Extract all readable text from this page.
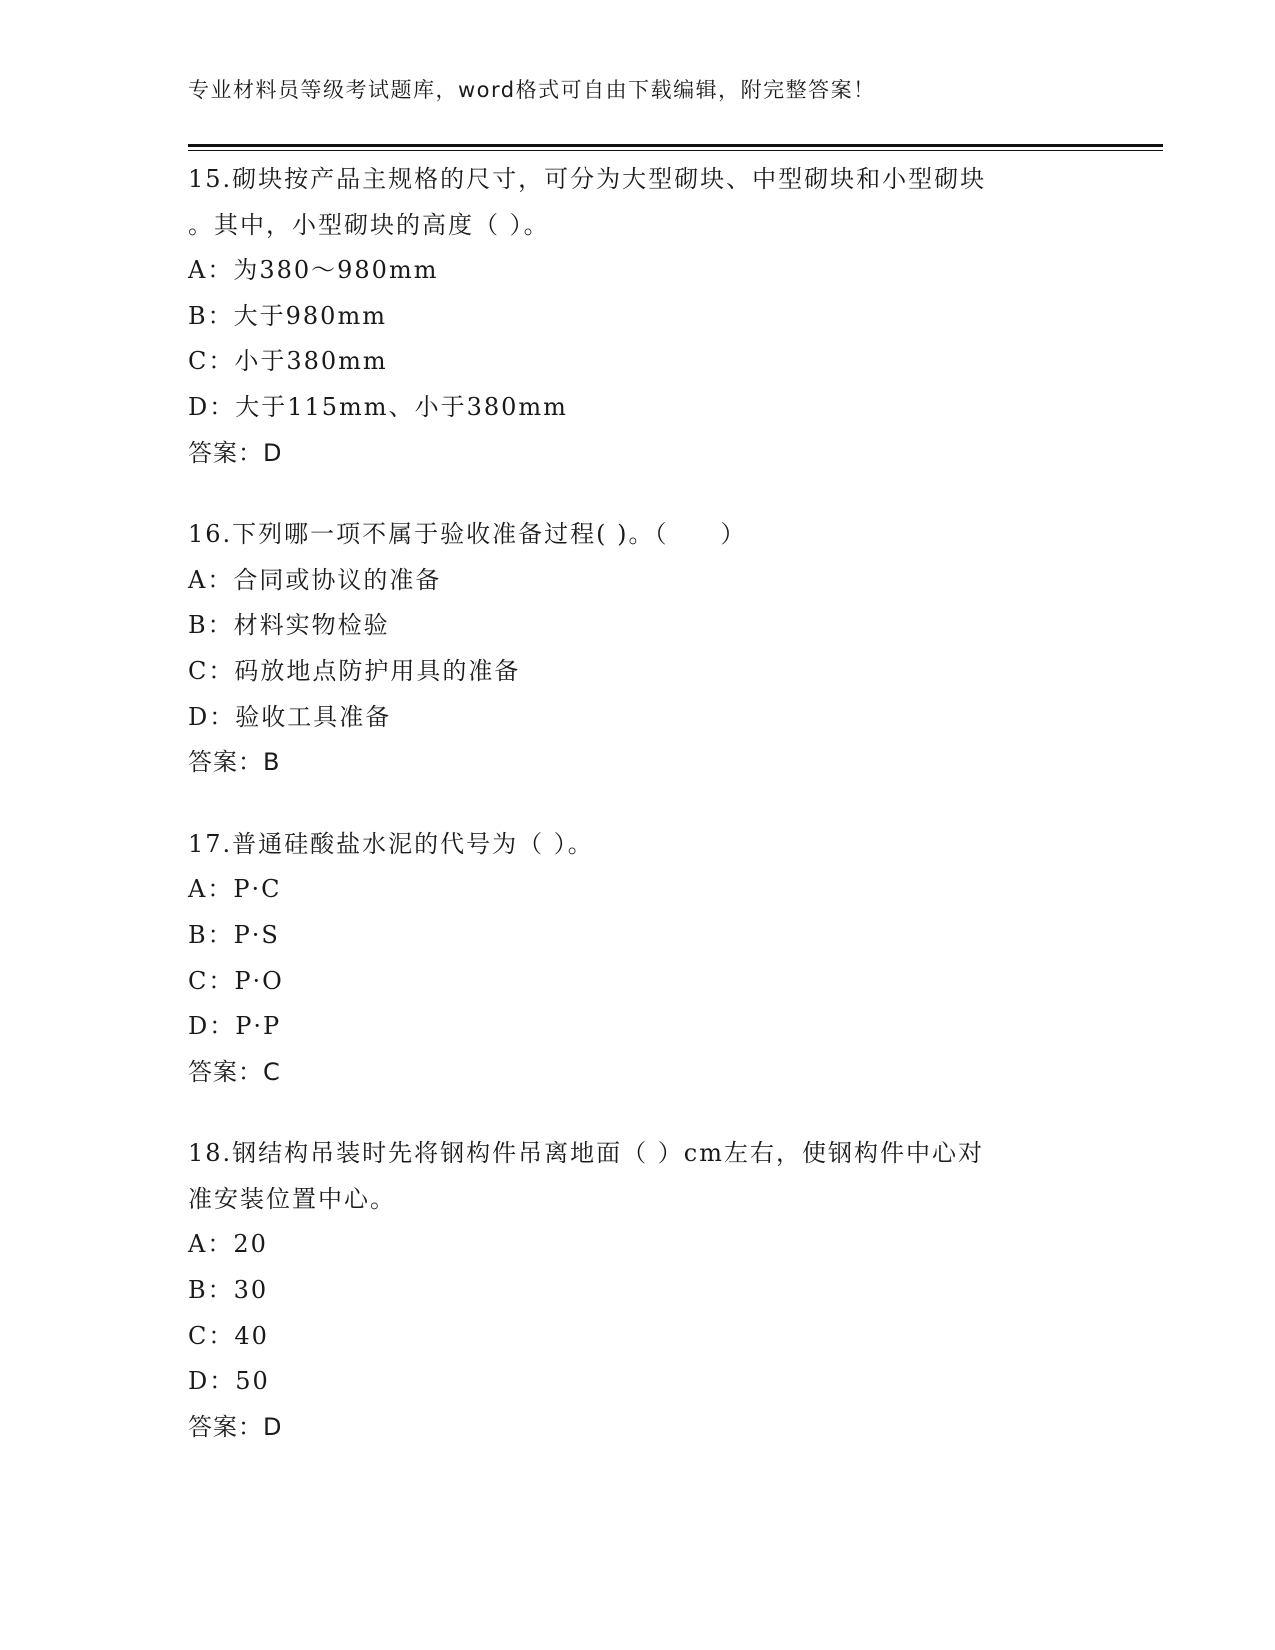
专业材料员等级考试题库，word格式可自由下载编辑，附完整答案！
15.砌块按产品主规格的尺寸，可分为大型砌块、中型砌块和小型砌块
。其中，小型砌块的高度（ ）。
A：为380～980mm
B：大于980mm
C：小于380mm
D：大于115mm、小于380mm
答案：D
16.下列哪一项不属于验收准备过程( )。（　　）
A：合同或协议的准备
B：材料实物检验
C：码放地点防护用具的准备
D：验收工具准备
答案：B
17.普通硅酸盐水泥的代号为（ ）。
A：P·C
B：P·S
C：P·O
D：P·P
答案：C
18.钢结构吊装时先将钢构件吊离地面（ ）cm左右，使钢构件中心对
准安装位置中心。
A：20
B：30
C：40
D：50
答案：D
